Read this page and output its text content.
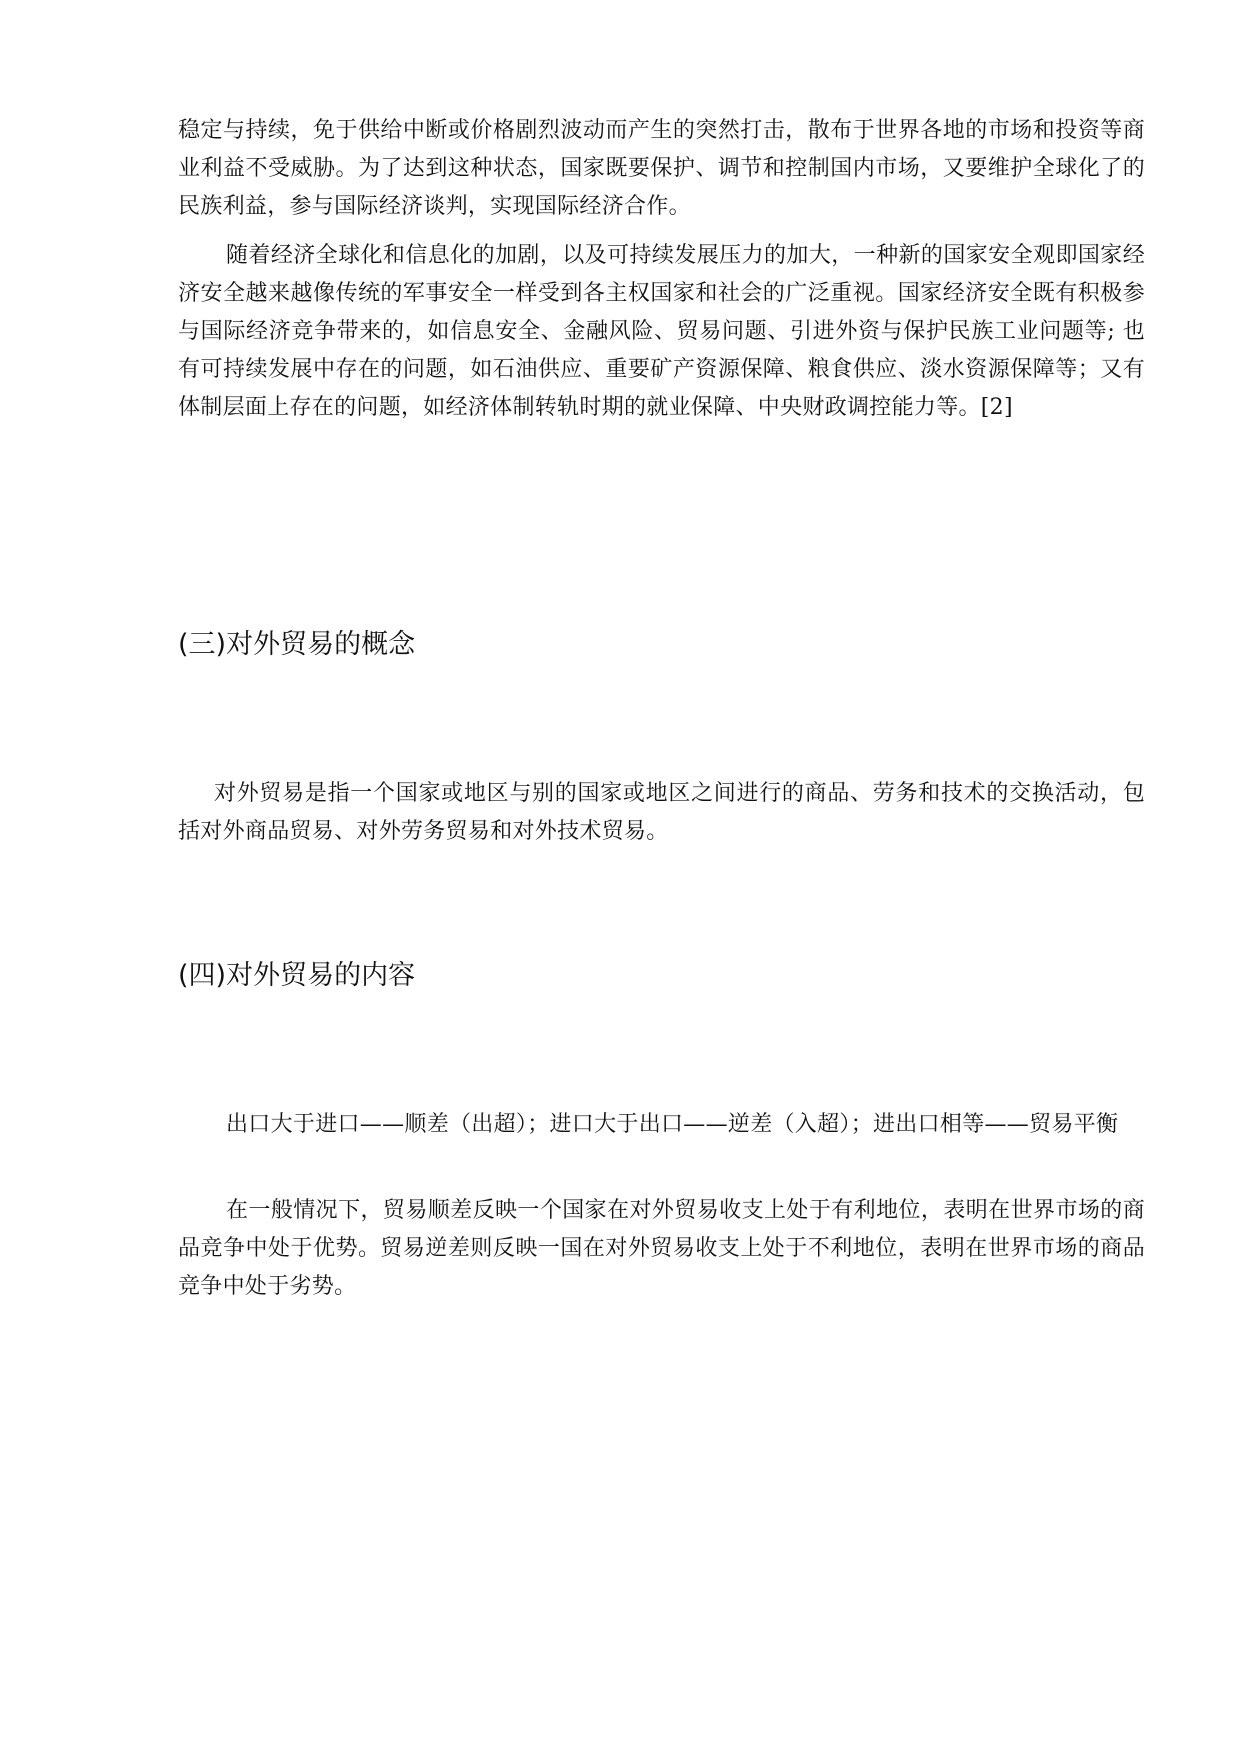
稳定与持续，免于供给中断或价格剧烈波动而产生的突然打击，散布于世界各地的市场和投资等商业利益不受威胁。为了达到这种状态，国家既要保护、调节和控制国内市场，又要维护全球化了的民族利益，参与国际经济谈判，实现国际经济合作。

随着经济全球化和信息化的加剧，以及可持续发展压力的加大，一种新的国家安全观即国家经济安全越来越像传统的军事安全一样受到各主权国家和社会的广泛重视。国家经济安全既有积极参与国际经济竞争带来的，如信息安全、金融风险、贸易问题、引进外资与保护民族工业问题等; 也有可持续发展中存在的问题，如石油供应、重要矿产资源保障、粮食供应、淡水资源保障等；又有体制层面上存在的问题，如经济体制转轨时期的就业保障、中央财政调控能力等。[2]

(三)对外贸易的概念

对外贸易是指一个国家或地区与别的国家或地区之间进行的商品、劳务和技术的交换活动，包括对外商品贸易、对外劳务贸易和对外技术贸易。

(四)对外贸易的内容

出口大于进口——顺差（出超）；进口大于出口——逆差（入超）；进出口相等——贸易平衡

在一般情况下，贸易顺差反映一个国家在对外贸易收支上处于有利地位，表明在世界市场的商品竞争中处于优势。贸易逆差则反映一国在对外贸易收支上处于不利地位，表明在世界市场的商品竞争中处于劣势。
